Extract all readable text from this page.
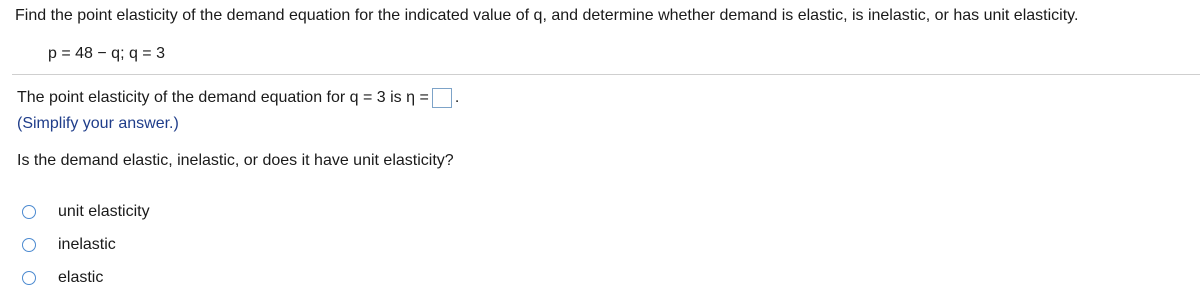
Find the point elasticity of the demand equation for the indicated value of q, and determine whether demand is elastic, is inelastic, or has unit elasticity.
p = 48 − q; q = 3
The point elasticity of the demand equation for q = 3 is η = .
(Simplify your answer.)
Is the demand elastic, inelastic, or does it have unit elasticity?
unit elasticity
inelastic
elastic
